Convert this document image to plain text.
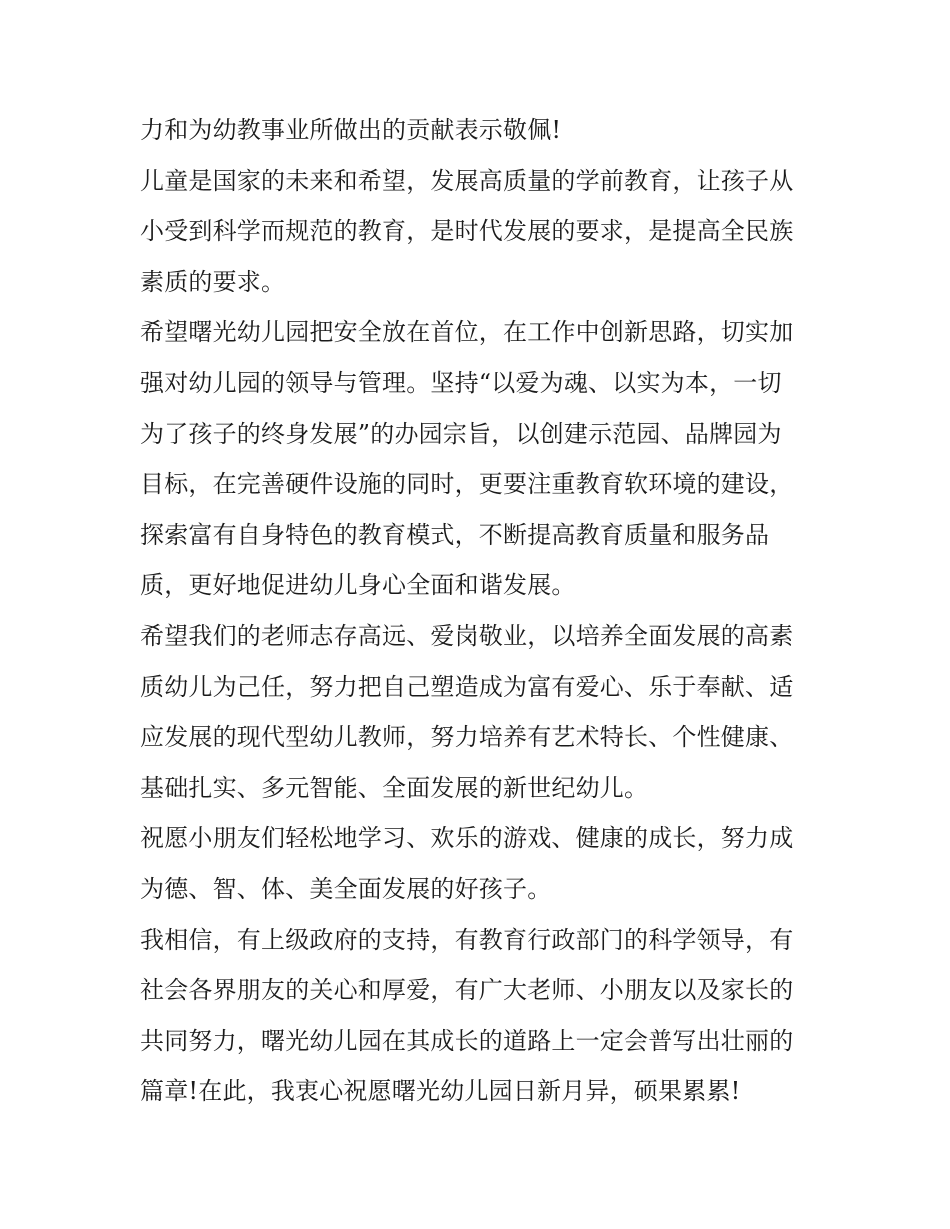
力和为幼教事业所做出的贡献表示敬佩!
儿童是国家的未来和希望，发展高质量的学前教育，让孩子从
小受到科学而规范的教育，是时代发展的要求，是提高全民族
素质的要求。
希望曙光幼儿园把安全放在首位，在工作中创新思路，切实加
强对幼儿园的领导与管理。坚持“以爱为魂、以实为本，一切
为了孩子的终身发展”的办园宗旨，以创建示范园、品牌园为
目标，在完善硬件设施的同时，更要注重教育软环境的建设，
探索富有自身特色的教育模式，不断提高教育质量和服务品
质，更好地促进幼儿身心全面和谐发展。
希望我们的老师志存高远、爱岗敬业，以培养全面发展的高素
质幼儿为己任，努力把自己塑造成为富有爱心、乐于奉献、适
应发展的现代型幼儿教师，努力培养有艺术特长、个性健康、
基础扎实、多元智能、全面发展的新世纪幼儿。
祝愿小朋友们轻松地学习、欢乐的游戏、健康的成长，努力成
为德、智、体、美全面发展的好孩子。
我相信，有上级政府的支持，有教育行政部门的科学领导，有
社会各界朋友的关心和厚爱，有广大老师、小朋友以及家长的
共同努力，曙光幼儿园在其成长的道路上一定会普写出壮丽的
篇章!在此，我衷心祝愿曙光幼儿园日新月异，硕果累累!
